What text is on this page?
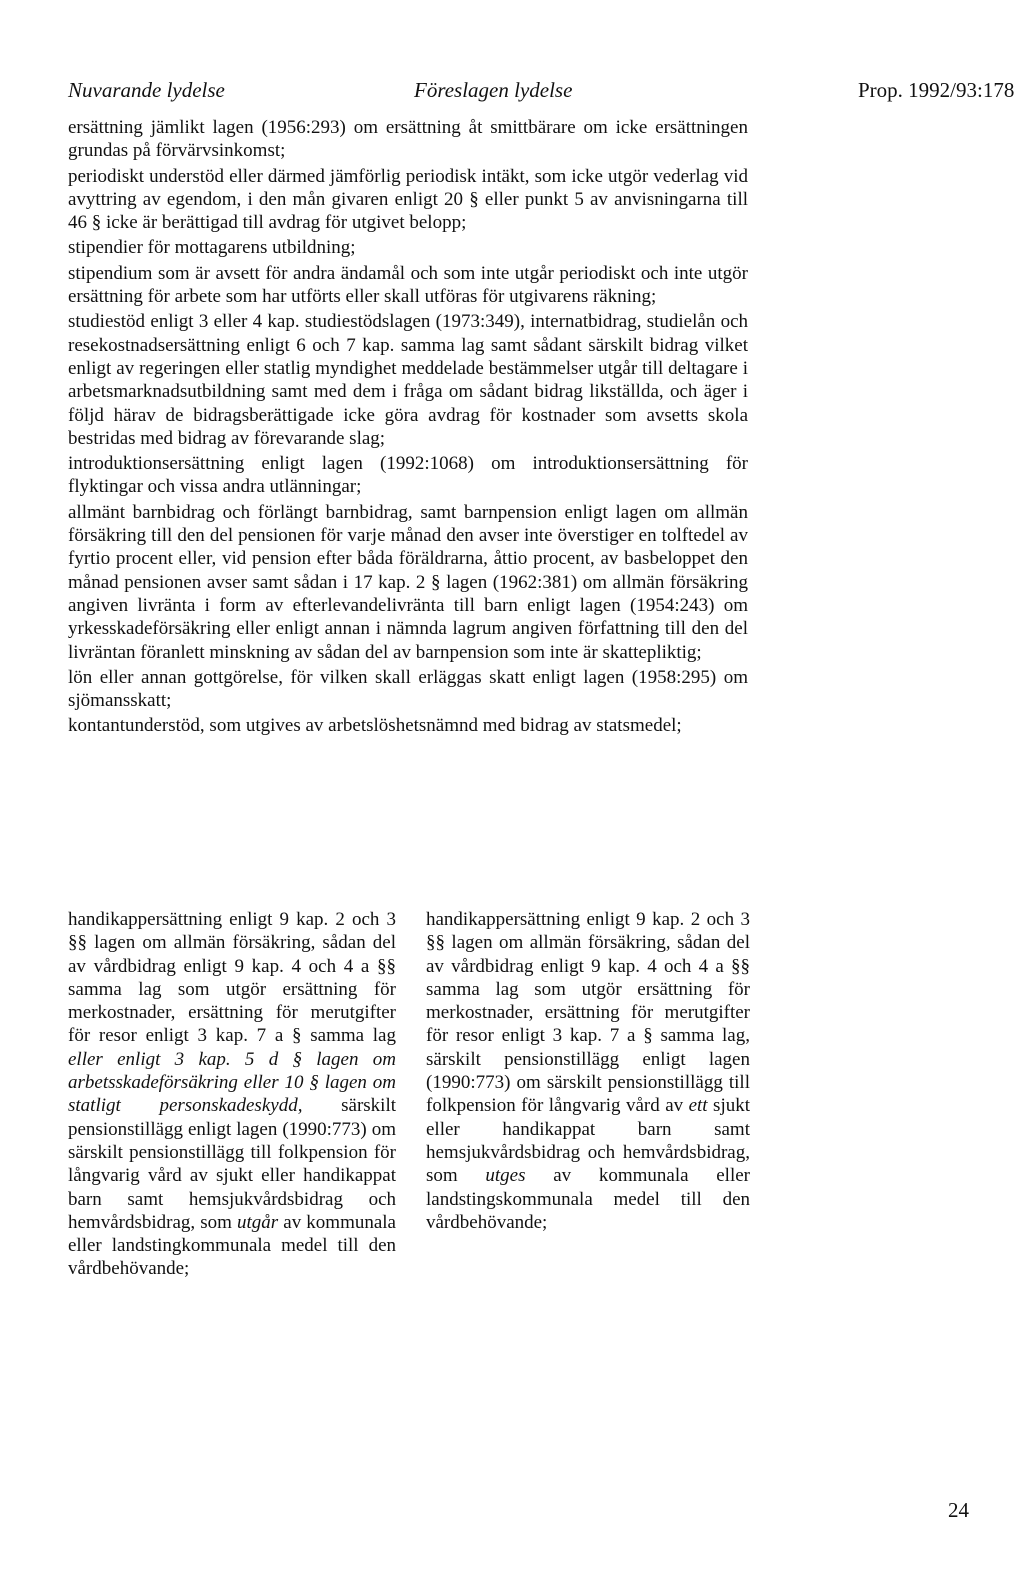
Nuvarande lydelse	Föreslagen lydelse	Prop. 1992/93:178

ersättning jämlikt lagen (1956:293) om ersättning åt smittbärare om icke ersättningen grundas på förvärvsinkomst;

periodiskt understöd eller därmed jämförlig periodisk intäkt, som icke utgör vederlag vid avyttring av egendom, i den mån givaren enligt 20 § eller punkt 5 av anvisningarna till 46 § icke är berättigad till avdrag för utgivet belopp;

stipendier för mottagarens utbildning;

stipendium som är avsett för andra ändamål och som inte utgår periodiskt och inte utgör ersättning för arbete som har utförts eller skall utföras för utgivarens räkning;

studiestöd enligt 3 eller 4 kap. studiestödslagen (1973:349), internatbidrag, studielån och resekostnadsersättning enligt 6 och 7 kap. samma lag samt sådant särskilt bidrag vilket enligt av regeringen eller statlig myndighet meddelade bestämmelser utgår till deltagare i arbetsmarknadsutbildning samt med dem i fråga om sådant bidrag likställda, och äger i följd härav de bidragsberättigade icke göra avdrag för kostnader som avsetts skola bestridas med bidrag av förevarande slag;

introduktionsersättning enligt lagen (1992:1068) om introduktionsersättning för flyktingar och vissa andra utlänningar;

allmänt barnbidrag och förlängt barnbidrag, samt barnpension enligt lagen om allmän försäkring till den del pensionen för varje månad den avser inte överstiger en tolftedel av fyrtio procent eller, vid pension efter båda föräldrarna, åttio procent, av basbeloppet den månad pensionen avser samt sådan i 17 kap. 2 § lagen (1962:381) om allmän försäkring angiven livränta i form av efterlevandelivränta till barn enligt lagen (1954:243) om yrkesskadeförsäkring eller enligt annan i nämnda lagrum angiven författning till den del livräntan föranlett minskning av sådan del av barnpension som inte är skattepliktig;

lön eller annan gottgörelse, för vilken skall erläggas skatt enligt lagen (1958:295) om sjömansskatt;

kontantunderstöd, som utgives av arbetslöshetsnämnd med bidrag av statsmedel;

handikappersättning enligt 9 kap. 2 och 3 §§ lagen om allmän försäkring, sådan del av vårdbidrag enligt 9 kap. 4 och 4 a §§ samma lag som utgör ersättning för merkostnader, ersättning för merutgifter för resor enligt 3 kap. 7 a § samma lag eller enligt 3 kap. 5 d § lagen om arbetsskadeförsäkring eller 10 § lagen om statligt personskadeskydd, särskilt pensionstillägg enligt lagen (1990:773) om särskilt pensionstillägg till folkpension för långvarig vård av sjukt eller handikappat barn samt hemsjukvårdsbidrag och hemvårdsbidrag, som utgår av kommunala eller landstingkommunala medel till den vårdbehövande;

handikappersättning enligt 9 kap. 2 och 3 §§ lagen om allmän försäkring, sådan del av vårdbidrag enligt 9 kap. 4 och 4 a §§ samma lag som utgör ersättning för merkostnader, ersättning för merutgifter för resor enligt 3 kap. 7 a § samma lag, särskilt pensionstillägg enligt lagen (1990:773) om särskilt pensionstillägg till folkpension för långvarig vård av ett sjukt eller handikappat barn samt hemsjukvårdsbidrag och hemvårdsbidrag, som utges av kommunala eller landstingskommunala medel till den vårdbehövande;

24
